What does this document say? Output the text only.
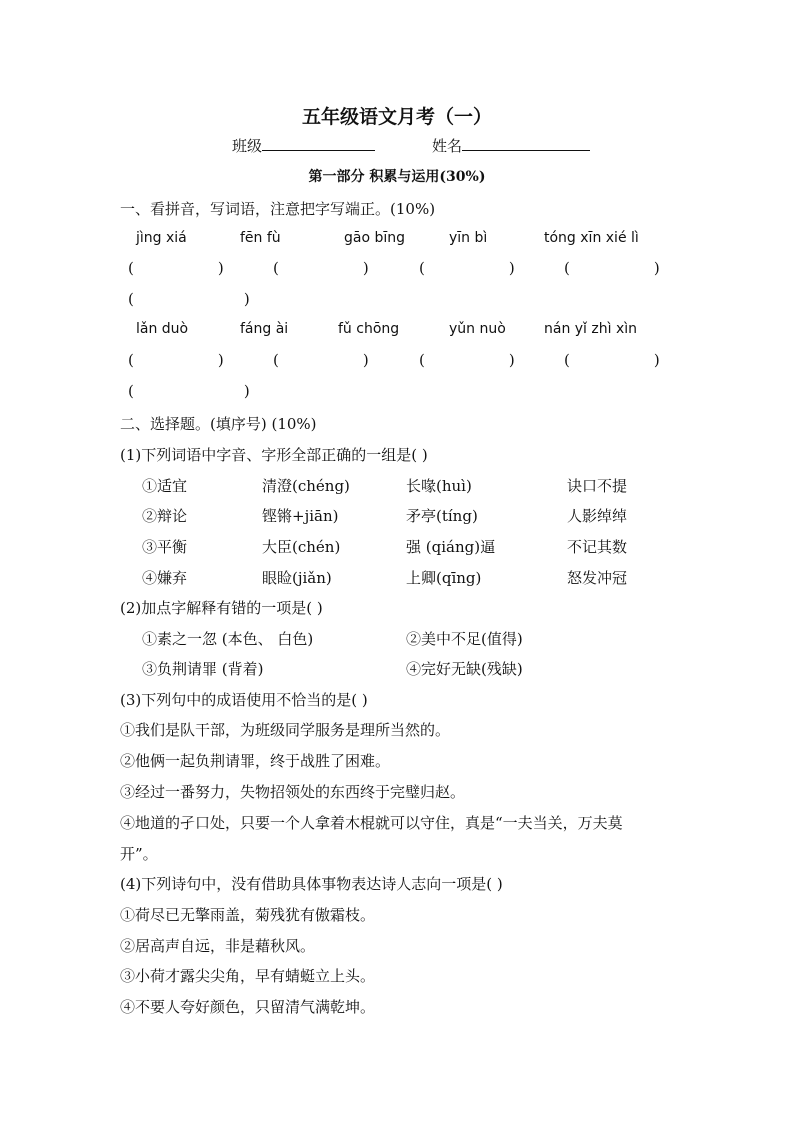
五年级语文月考（一）
班级	姓名
第一部分 积累与运用(30%)
一、看拼音，写词语，注意把字写端正。(10%)
jìng xiá	fēn fù	gāo bīng	yīn bì	tóng xīn xié lì
(	)	(	)	(	)	(	)
(	)
lǎn duò	fáng ài	fǔ chōng	yǔn nuò	nán yǐ zhì xìn
(	)	(	)	(	)	(	)
(	)
二、选择题。(填序号) (10%)
(1)下列词语中字音、字形全部正确的一组是( )
①适宜	清澄(chéng)	长喙(huì)	诀口不提
②辩论	铿锵+jiān)	矛亭(tíng)	人影绰绰
③平衡	大臣(chén)	强 (qiáng)逼	不记其数
④嫌弃	眼睑(jiǎn)	上卿(qīng)	怒发冲冠
(2)加点字解释有错的一项是( )
①素之一忽 (本色、 白色)	②美中不足(值得)
③负荆请罪 (背着)	④完好无缺(残缺)
(3)下列句中的成语使用不恰当的是( )
①我们是队干部，为班级同学服务是理所当然的。
②他俩一起负荆请罪，终于战胜了困难。
③经过一番努力，失物招领处的东西终于完璧归赵。
④地道的孑口处，只要一个人拿着木棍就可以守住，真是“一夫当关，万夫莫
开”。
(4)下列诗句中，没有借助具体事物表达诗人志向一项是( )
①荷尽已无擎雨盖，菊残犹有傲霜枝。
②居高声自远，非是藉秋风。
③小荷才露尖尖角，早有蜻蜓立上头。
④不要人夸好颜色，只留清气满乾坤。
